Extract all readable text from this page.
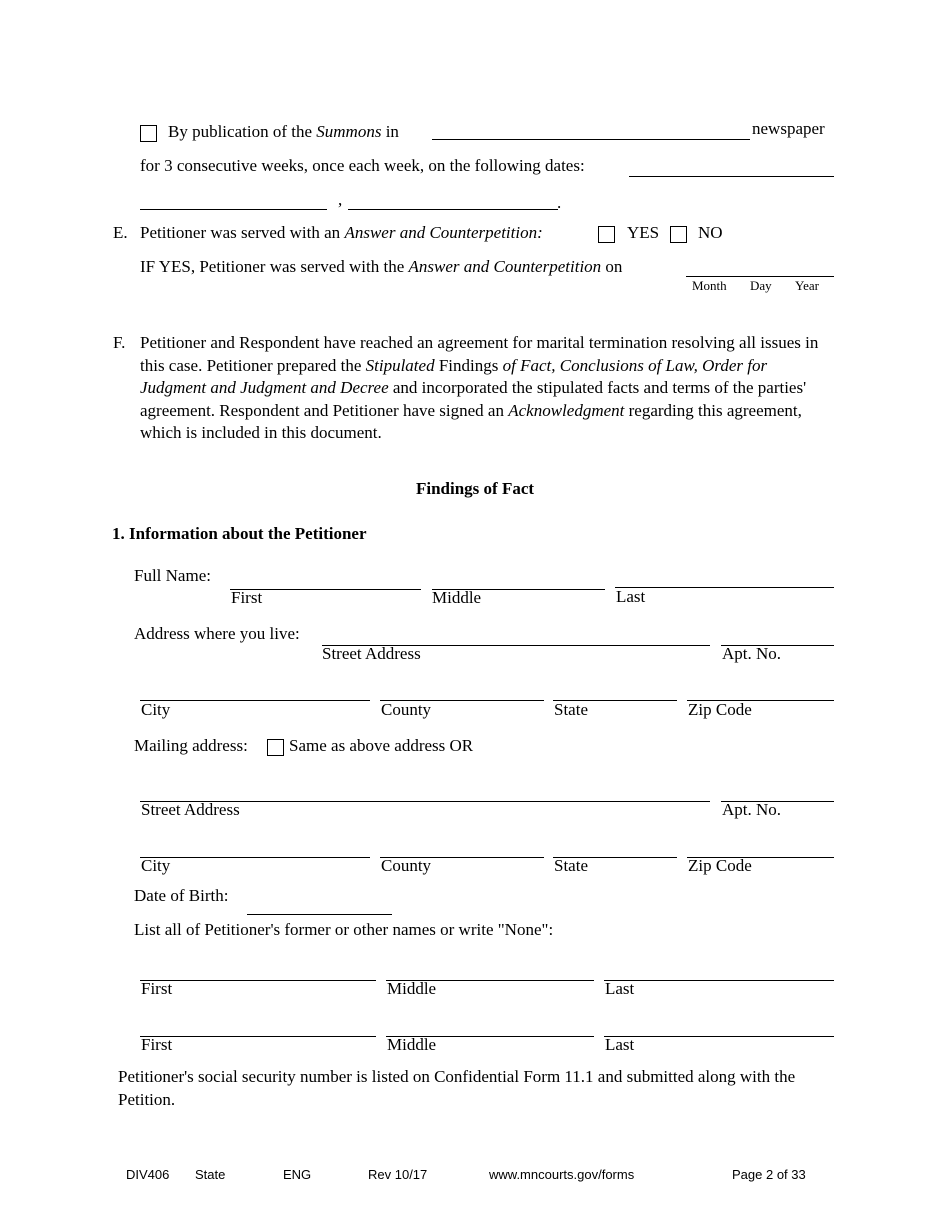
By publication of the Summons in	newspaper
for 3 consecutive weeks, once each week, on the following dates:
,	.
E. Petitioner was served with an Answer and Counterpetition:	YES NO
IF YES, Petitioner was served with the Answer and Counterpetition on
Month Day Year
F. Petitioner and Respondent have reached an agreement for marital termination resolving all issues in this case. Petitioner prepared the Stipulated Findings of Fact, Conclusions of Law, Order for Judgment and Judgment and Decree and incorporated the stipulated facts and terms of the parties' agreement. Respondent and Petitioner have signed an Acknowledgment regarding this agreement, which is included in this document.
Findings of Fact
1. Information about the Petitioner
Full Name:
First	Middle	Last
Address where you live:
Street Address	Apt. No.
City	County	State	Zip Code
Mailing address: Same as above address OR
Street Address	Apt. No.
City	County	State	Zip Code
Date of Birth:
List all of Petitioner's former or other names or write "None":
First	Middle	Last
First	Middle	Last
Petitioner's social security number is listed on Confidential Form 11.1 and submitted along with the Petition.
DIV406 State	ENG	Rev 10/17	www.mncourts.gov/forms	Page 2 of 33
